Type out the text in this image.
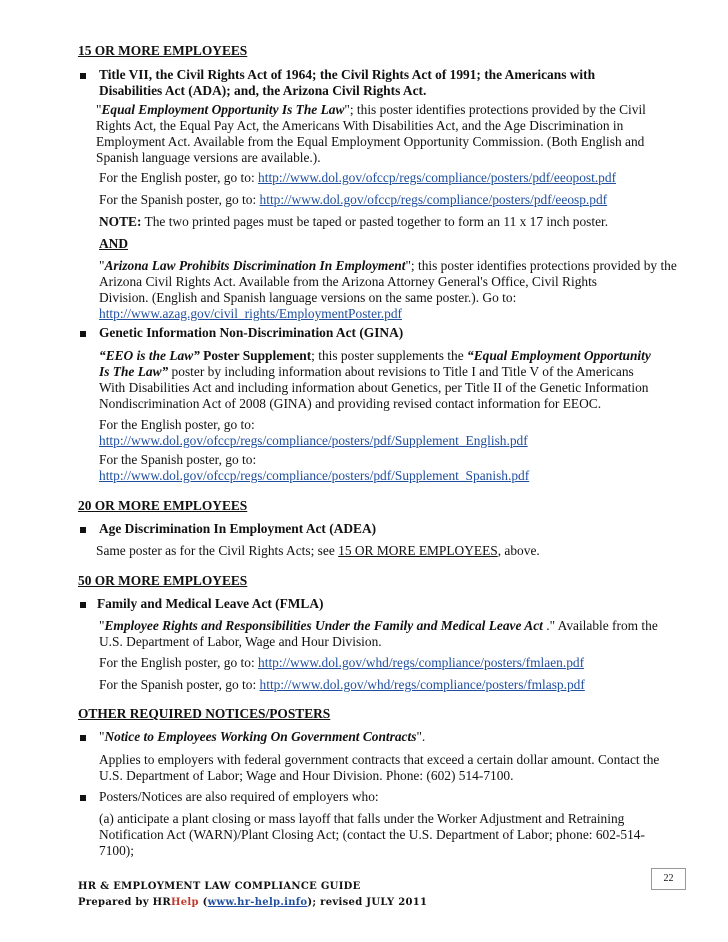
15 OR MORE EMPLOYEES
Title VII, the Civil Rights Act of 1964; the Civil Rights Act of 1991; the Americans with
Disabilities Act (ADA); and, the Arizona Civil Rights Act.
"Equal Employment Opportunity Is The Law"; this poster identifies protections provided by the Civil
Rights Act, the Equal Pay Act, the Americans With Disabilities Act, and the Age Discrimination in
Employment Act. Available from the Equal Employment Opportunity Commission. (Both English and
Spanish language versions are available.).
For the English poster, go to: http://www.dol.gov/ofccp/regs/compliance/posters/pdf/eeopost.pdf
For the Spanish poster, go to: http://www.dol.gov/ofccp/regs/compliance/posters/pdf/eeosp.pdf
NOTE: The two printed pages must be taped or pasted together to form an 11 x 17 inch poster.
AND
"Arizona Law Prohibits Discrimination In Employment"; this poster identifies protections provided by the
Arizona Civil Rights Act. Available from the Arizona Attorney General's Office, Civil Rights
Division. (English and Spanish language versions on the same poster.). Go to:
http://www.azag.gov/civil_rights/EmploymentPoster.pdf
Genetic Information Non-Discrimination Act (GINA)
“EEO is the Law” Poster Supplement; this poster supplements the “Equal Employment Opportunity
Is The Law” poster by including information about revisions to Title I and Title V of the Americans
With Disabilities Act and including information about Genetics, per Title II of the Genetic Information
Nondiscrimination Act of 2008 (GINA) and providing revised contact information for EEOC.
For the English poster, go to:
http://www.dol.gov/ofccp/regs/compliance/posters/pdf/Supplement_English.pdf
For the Spanish poster, go to:
http://www.dol.gov/ofccp/regs/compliance/posters/pdf/Supplement_Spanish.pdf
20 OR MORE EMPLOYEES
Age Discrimination In Employment Act (ADEA)
Same poster as for the Civil Rights Acts; see 15 OR MORE EMPLOYEES, above.
50 OR MORE EMPLOYEES
Family and Medical Leave Act (FMLA)
"Employee Rights and Responsibilities Under the Family and Medical Leave Act ." Available from the
U.S. Department of Labor, Wage and Hour Division.
For the English poster, go to: http://www.dol.gov/whd/regs/compliance/posters/fmlaen.pdf
For the Spanish poster, go to: http://www.dol.gov/whd/regs/compliance/posters/fmlasp.pdf
OTHER REQUIRED NOTICES/POSTERS
"Notice to Employees Working On Government Contracts".
Applies to employers with federal government contracts that exceed a certain dollar amount. Contact the
U.S. Department of Labor; Wage and Hour Division. Phone: (602) 514-7100.
Posters/Notices are also required of employers who:
(a) anticipate a plant closing or mass layoff that falls under the Worker Adjustment and Retraining
Notification Act (WARN)/Plant Closing Act; (contact the U.S. Department of Labor; phone: 602-514-
7100);
HR & EMPLOYMENT LAW COMPLIANCE GUIDE
Prepared by HRHelp (www.hr-help.info); revised JULY 2011
22
